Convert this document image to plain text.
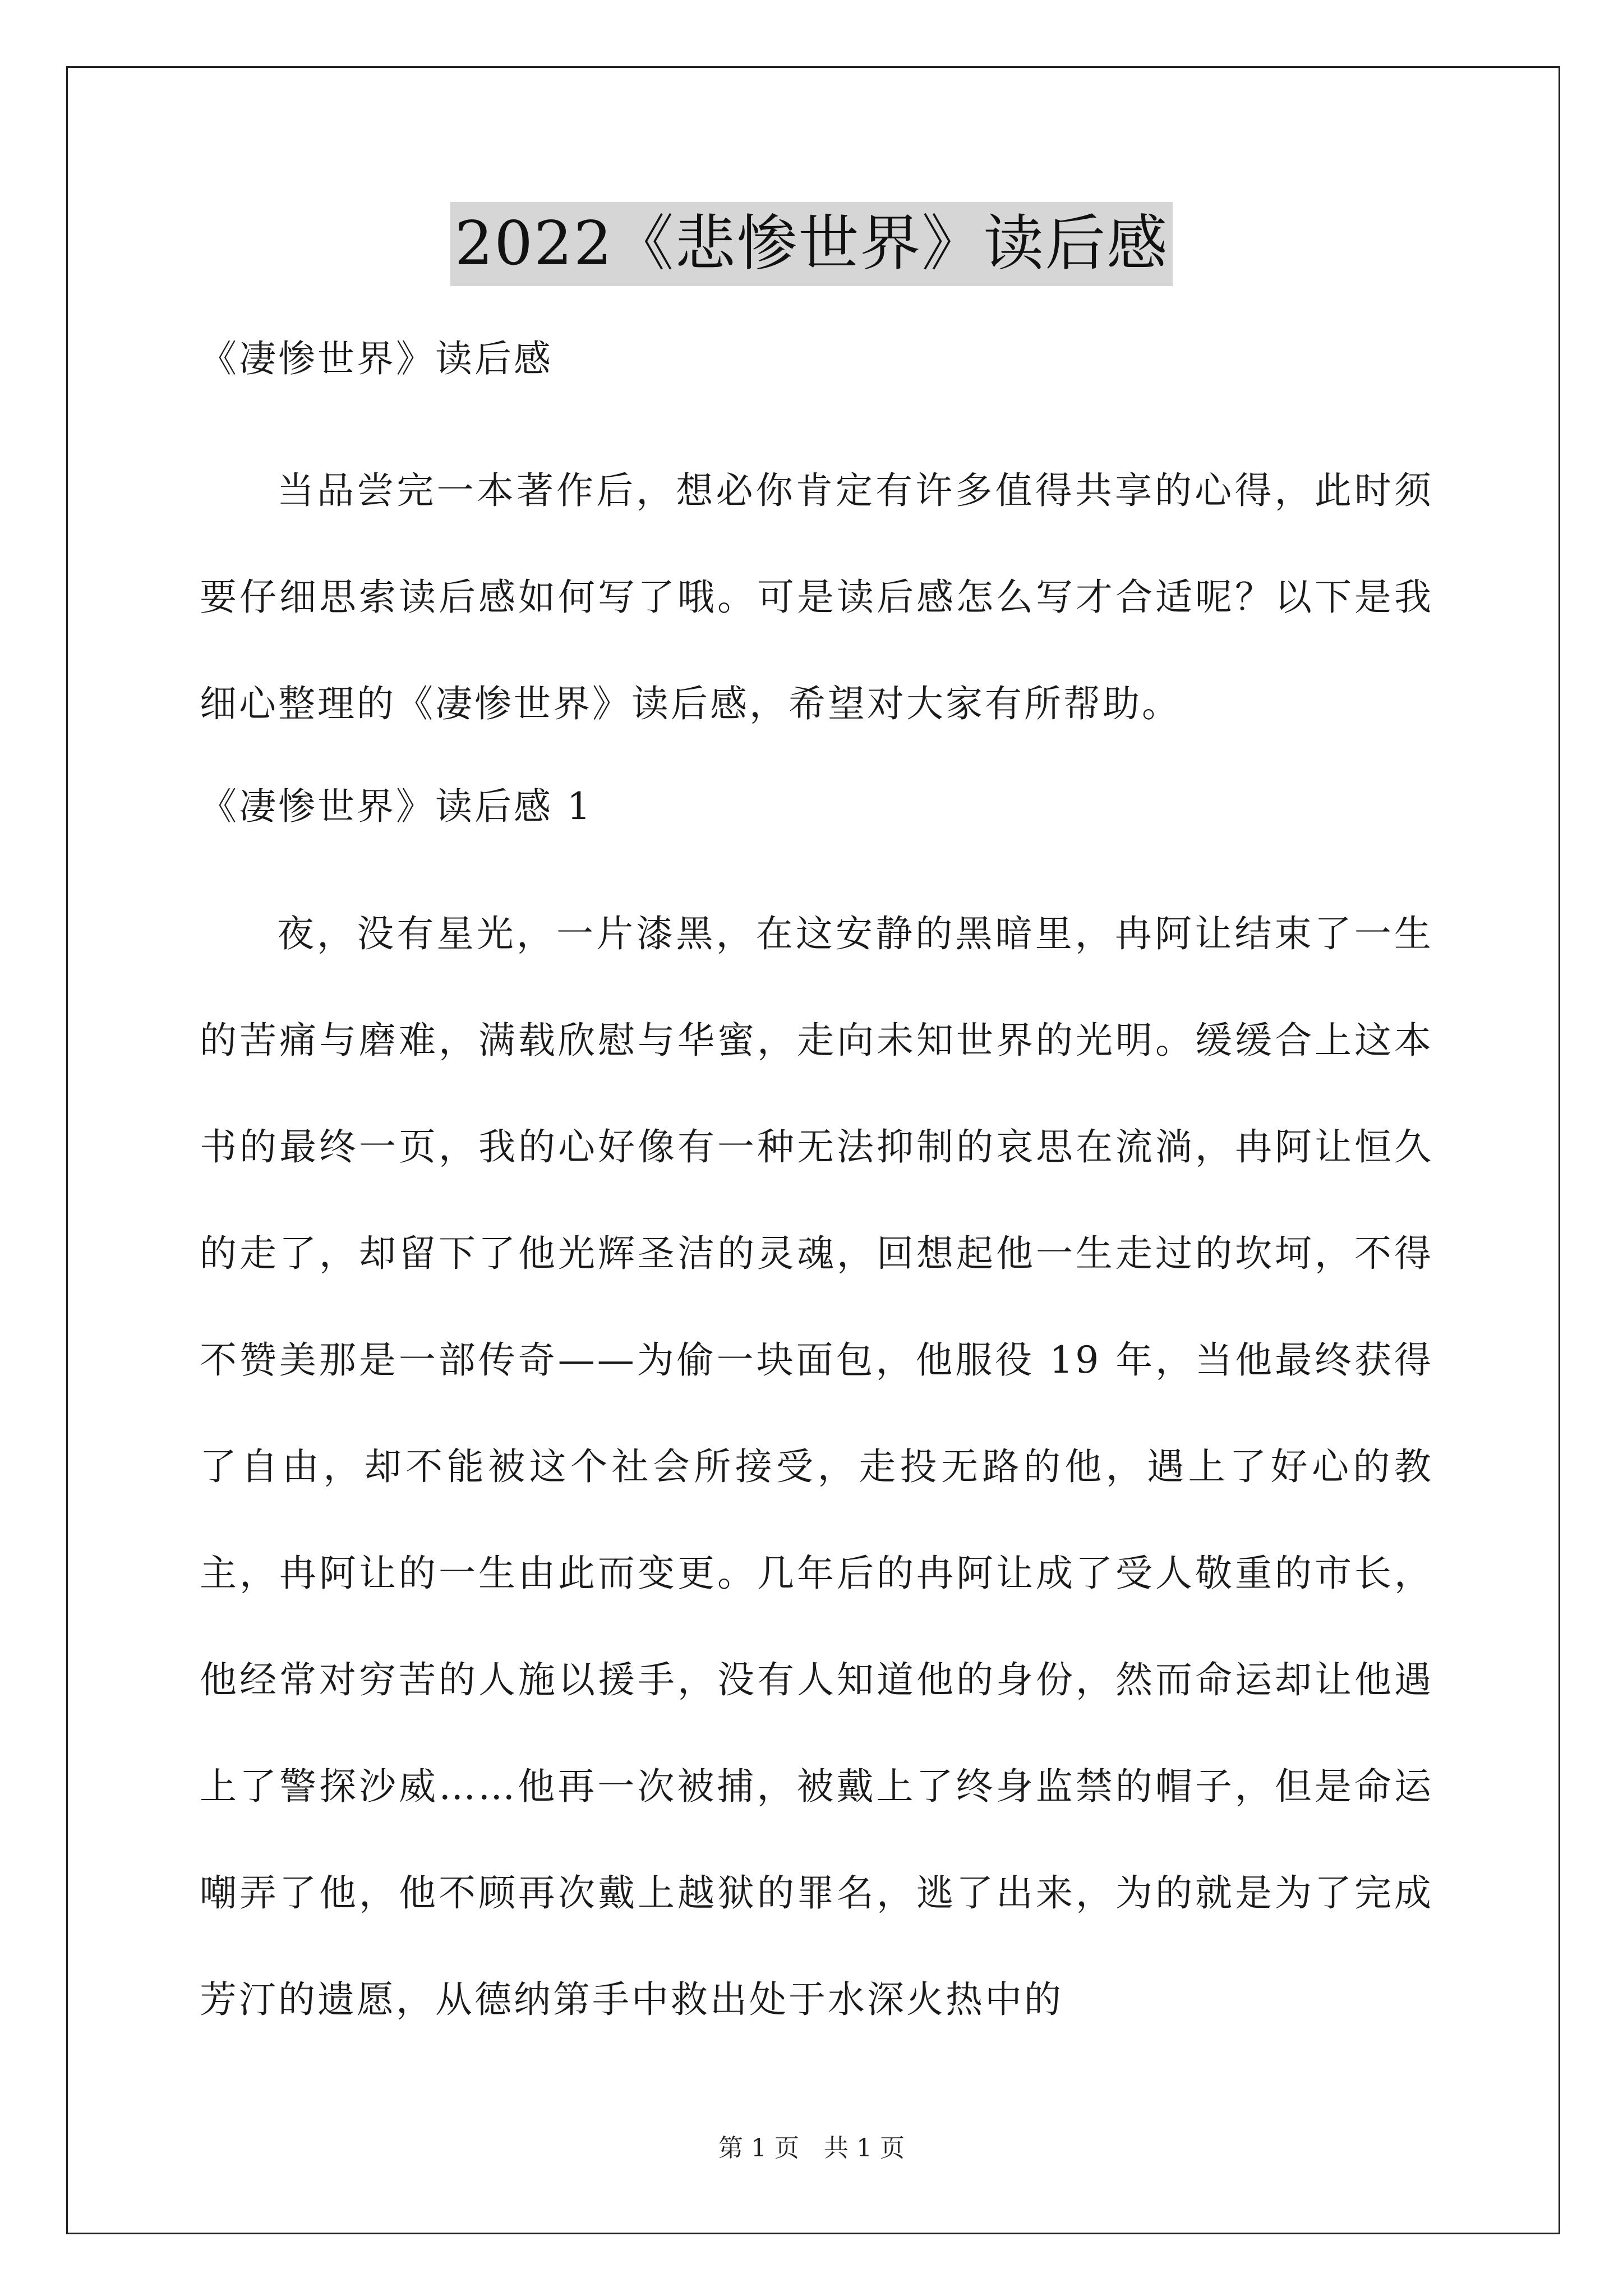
2022《悲惨世界》读后感
《凄惨世界》读后感

当品尝完一本著作后，想必你肯定有许多值得共享的心得，此时须要仔细思索读后感如何写了哦。可是读后感怎么写才合适呢？以下是我细心整理的《凄惨世界》读后感，希望对大家有所帮助。

《凄惨世界》读后感 1

夜，没有星光，一片漆黑，在这安静的黑暗里，冉阿让结束了一生的苦痛与磨难，满载欣慰与华蜜，走向未知世界的光明。缓缓合上这本书的最终一页，我的心好像有一种无法抑制的哀思在流淌，冉阿让恒久的走了，却留下了他光辉圣洁的灵魂，回想起他一生走过的坎坷，不得不赞美那是一部传奇——为偷一块面包，他服役 19 年，当他最终获得了自由，却不能被这个社会所接受，走投无路的他，遇上了好心的教主，冉阿让的一生由此而变更。几年后的冉阿让成了受人敬重的市长，他经常对穷苦的人施以援手，没有人知道他的身份，然而命运却让他遇上了警探沙威……他再一次被捕，被戴上了终身监禁的帽子，但是命运嘲弄了他，他不顾再次戴上越狱的罪名，逃了出来，为的就是为了完成芳汀的遗愿，从德纳第手中救出处于水深火热中的

第 1 页　共 1 页
